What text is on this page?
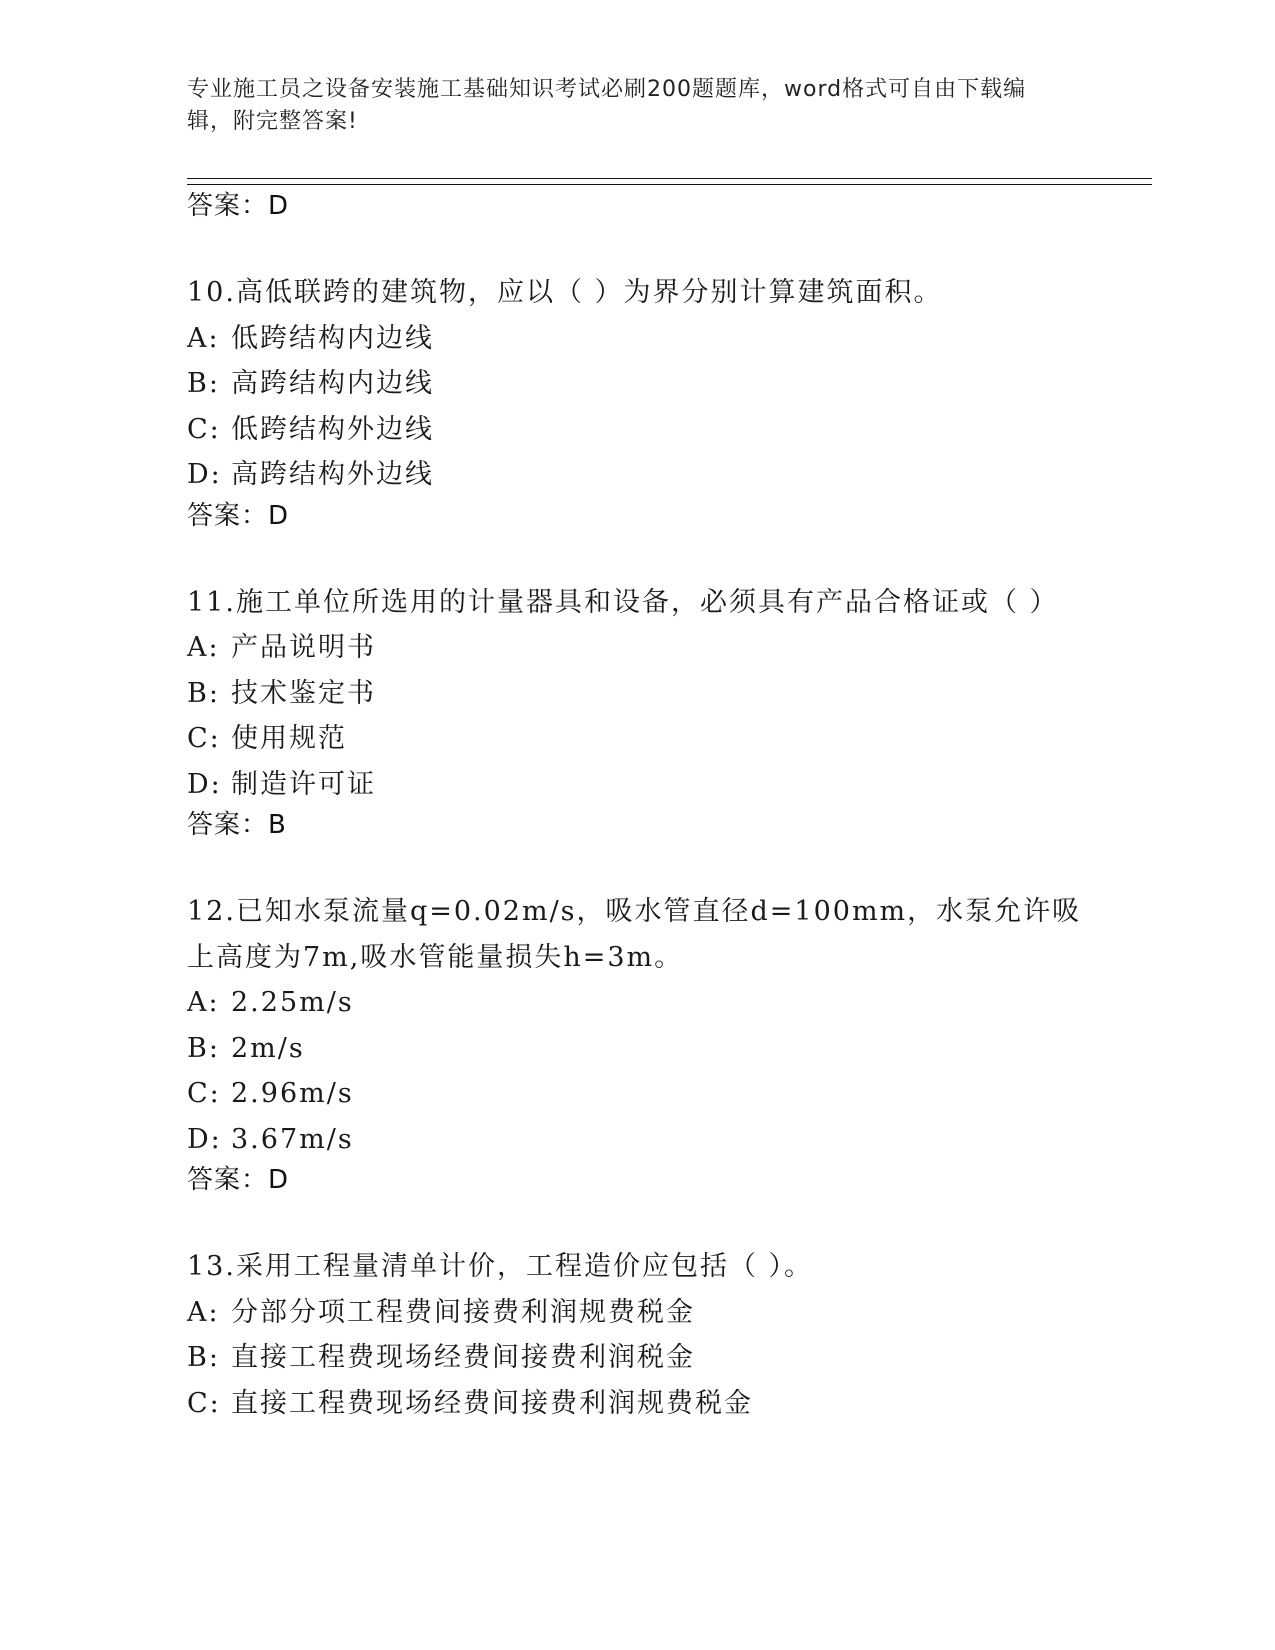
专业施工员之设备安装施工基础知识考试必刷200题题库，word格式可自由下载编辑，附完整答案!
答案：D
10.高低联跨的建筑物，应以（ ）为界分别计算建筑面积。
A: 低跨结构内边线
B: 高跨结构内边线
C: 低跨结构外边线
D: 高跨结构外边线
答案：D
11.施工单位所选用的计量器具和设备，必须具有产品合格证或（ ）
A: 产品说明书
B: 技术鉴定书
C: 使用规范
D: 制造许可证
答案：B
12.已知水泵流量q=0.02m/s，吸水管直径d=100mm，水泵允许吸上高度为7m,吸水管能量损失h=3m。
A: 2.25m/s
B: 2m/s
C: 2.96m/s
D: 3.67m/s
答案：D
13.采用工程量清单计价，工程造价应包括（ ）。
A: 分部分项工程费间接费利润规费税金
B: 直接工程费现场经费间接费利润税金
C: 直接工程费现场经费间接费利润规费税金
